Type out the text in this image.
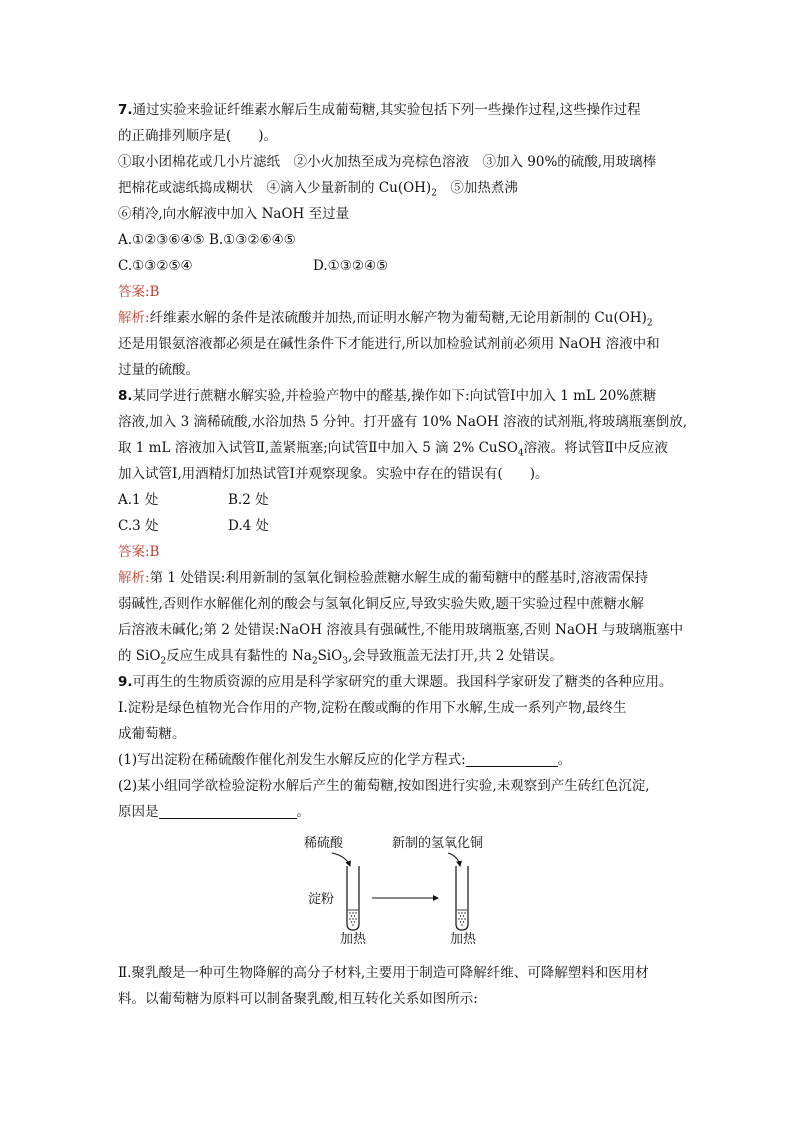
7.通过实验来验证纤维素水解后生成葡萄糖,其实验包括下列一些操作过程,这些操作过程
的正确排列顺序是(　　)。
①取小团棉花或几小片滤纸　②小火加热至成为亮棕色溶液　③加入 90%的硫酸,用玻璃棒
把棉花或滤纸捣成糊状　④滴入少量新制的 $Cu(OH)_2$　⑤加热煮沸
⑥稍冷,向水解液中加入 NaOH 至过量
A.①②③⑥④⑤ B.①③②⑥④⑤
C.①③②⑤④	D.①③②④⑤
答案:B
解析:纤维素水解的条件是浓硫酸并加热,而证明水解产物为葡萄糖,无论用新制的 $Cu(OH)_2$
还是用银氨溶液都必须是在碱性条件下才能进行,所以加检验试剂前必须用 NaOH 溶液中和
过量的硫酸。
8.某同学进行蔗糖水解实验,并检验产物中的醛基,操作如下:向试管Ⅰ中加入 1 mL 20%蔗糖
溶液,加入 3 滴稀硫酸,水浴加热 5 分钟。打开盛有 10% NaOH 溶液的试剂瓶,将玻璃瓶塞倒放,
取 1 mL 溶液加入试管Ⅱ,盖紧瓶塞;向试管Ⅱ中加入 5 滴 2% CuSO$_4$溶液。将试管Ⅱ中反应液
加入试管Ⅰ,用酒精灯加热试管Ⅰ并观察现象。实验中存在的错误有(　　)。
A.1 处	B.2 处
C.3 处	D.4 处
答案:B
解析:第 1 处错误:利用新制的氢氧化铜检验蔗糖水解生成的葡萄糖中的醛基时,溶液需保持
弱碱性,否则作水解催化剂的酸会与氢氧化铜反应,导致实验失败,题干实验过程中蔗糖水解
后溶液未碱化;第 2 处错误:NaOH 溶液具有强碱性,不能用玻璃瓶塞,否则 NaOH 与玻璃瓶塞中
的 SiO$_2$反应生成具有黏性的 $Na_2SiO_3$,会导致瓶盖无法打开,共 2 处错误。
9.可再生的生物质资源的应用是科学家研究的重大课题。我国科学家研发了糖类的各种应用。
Ⅰ.淀粉是绿色植物光合作用的产物,淀粉在酸或酶的作用下水解,生成一系列产物,最终生
成葡萄糖。
(1)写出淀粉在稀硫酸作催化剂发生水解反应的化学方程式:	。
(2)某小组同学欲检验淀粉水解后产生的葡萄糖,按如图进行实验,未观察到产生砖红色沉淀,
原因是	。
稀硫酸	新制的氢氧化铜
淀粉
加热	加热
Ⅱ.聚乳酸是一种可生物降解的高分子材料,主要用于制造可降解纤维、可降解塑料和医用材
料。以葡萄糖为原料可以制备聚乳酸,相互转化关系如图所示:
